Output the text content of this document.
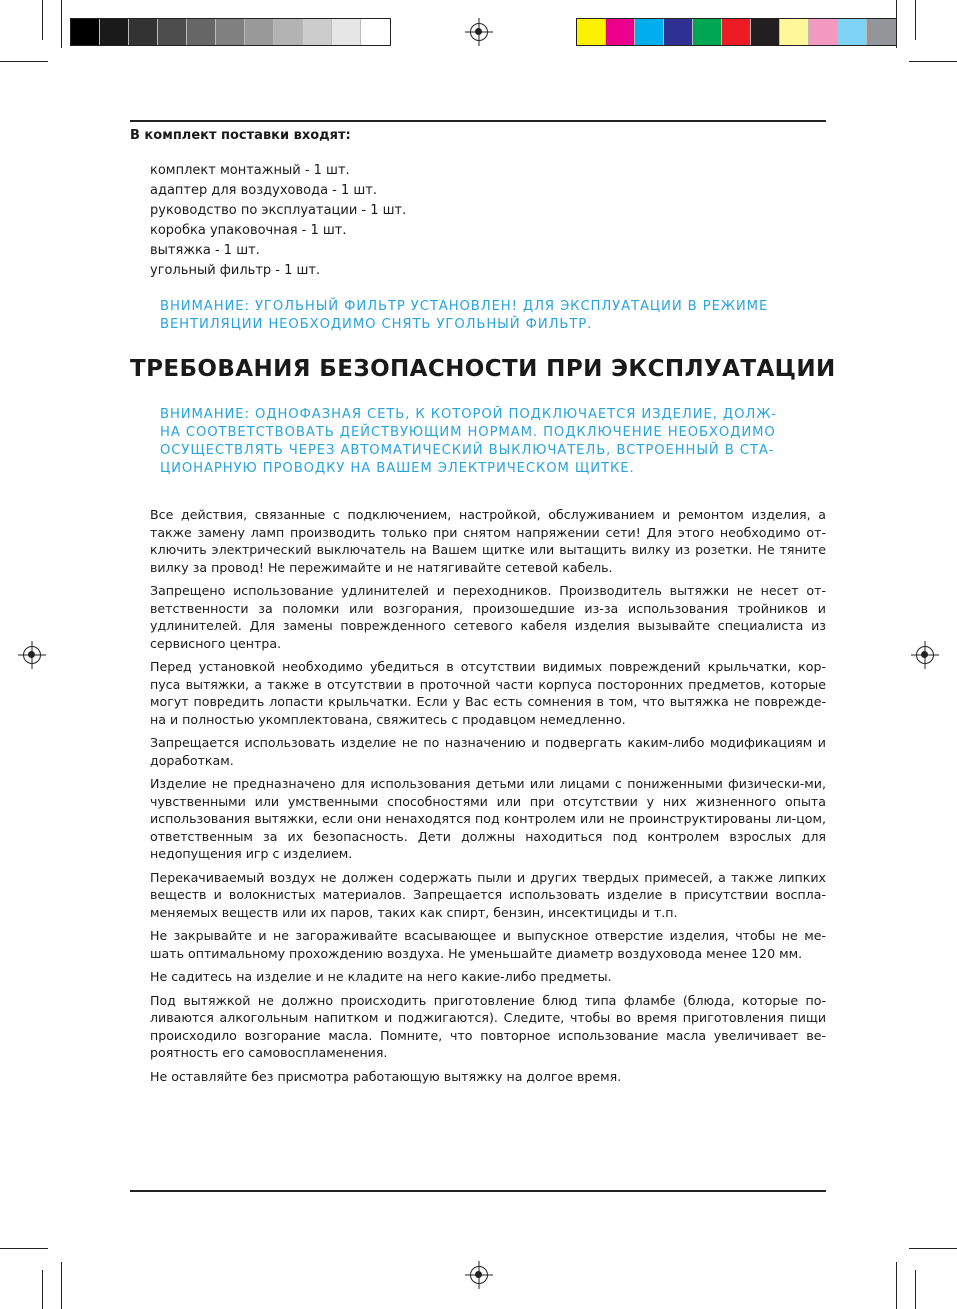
В комплект поставки входят:
комплект монтажный - 1 шт.
адаптер для воздуховода - 1 шт.
руководство по эксплуатации - 1 шт.
коробка упаковочная - 1 шт.
вытяжка - 1 шт.
угольный фильтр - 1 шт.
ВНИМАНИЕ: УГОЛЬНЫЙ ФИЛЬТР УСТАНОВЛЕН! ДЛЯ ЭКСПЛУАТАЦИИ В РЕЖИМЕ
ВЕНТИЛЯЦИИ НЕОБХОДИМО СНЯТЬ УГОЛЬНЫЙ ФИЛЬТР.
ТРЕБОВАНИЯ БЕЗОПАСНОСТИ ПРИ ЭКСПЛУАТАЦИИ
ВНИМАНИЕ: ОДНОФАЗНАЯ СЕТЬ, К КОТОРОЙ ПОДКЛЮЧАЕТСЯ ИЗДЕЛИЕ, ДОЛЖ-
НА СООТВЕТСТВОВАТЬ ДЕЙСТВУЮЩИМ НОРМАМ. ПОДКЛЮЧЕНИЕ НЕОБХОДИМО
ОСУЩЕСТВЛЯТЬ ЧЕРЕЗ АВТОМАТИЧЕСКИЙ ВЫКЛЮЧАТЕЛЬ, ВСТРОЕННЫЙ В СТА-
ЦИОНАРНУЮ ПРОВОДКУ НА ВАШЕМ ЭЛЕКТРИЧЕСКОМ ЩИТКЕ.

Все действия, связанные с подключением, настройкой, обслуживанием и ремонтом изделия, а также замену ламп производить только при снятом напряжении сети! Для этого необходимо от-ключить электрический выключатель на Вашем щитке или вытащить вилку из розетки. Не тяните вилку за провод! Не пережимайте и не натягивайте сетевой кабель.

Запрещено использование удлинителей и переходников. Производитель вытяжки не несет от-ветственности за поломки или возгорания, произошедшие из-за использования тройников и удлинителей. Для замены поврежденного сетевого кабеля изделия вызывайте специалиста из сервисного центра.

Перед установкой необходимо убедиться в отсутствии видимых повреждений крыльчатки, кор-пуса вытяжки, а также в отсутствии в проточной части корпуса посторонних предметов, которые могут повредить лопасти крыльчатки. Если у Вас есть сомнения в том, что вытяжка не поврежде-на и полностью укомплектована, свяжитесь с продавцом немедленно.

Запрещается использовать изделие не по назначению и подвергать каким-либо модификациям и доработкам.

Изделие не предназначено для использования детьми или лицами с пониженными физически-ми, чувственными или умственными способностями или при отсутствии у них жизненного опыта использования вытяжки, если они ненаходятся под контролем или не проинструктированы ли-цом, ответственным за их безопасность. Дети должны находиться под контролем взрослых для недопущения игр с изделием.

Перекачиваемый воздух не должен содержать пыли и других твердых примесей, а также липких веществ и волокнистых материалов. Запрещается использовать изделие в присутствии воспла-меняемых веществ или их паров, таких как спирт, бензин, инсектициды и т.п.

Не закрывайте и не загораживайте всасывающее и выпускное отверстие изделия, чтобы не ме-шать оптимальному прохождению воздуха. Не уменьшайте диаметр воздуховода менее 120 мм.

Не садитесь на изделие и не кладите на него какие-либо предметы.

Под вытяжкой не должно происходить приготовление блюд типа фламбе (блюда, которые по-ливаются алкогольным напитком и поджигаются). Следите, чтобы во время приготовления пищи происходило возгорание масла. Помните, что повторное использование масла увеличивает ве-роятность его самовоспламенения.

Не оставляйте без присмотра работающую вытяжку на долгое время.
